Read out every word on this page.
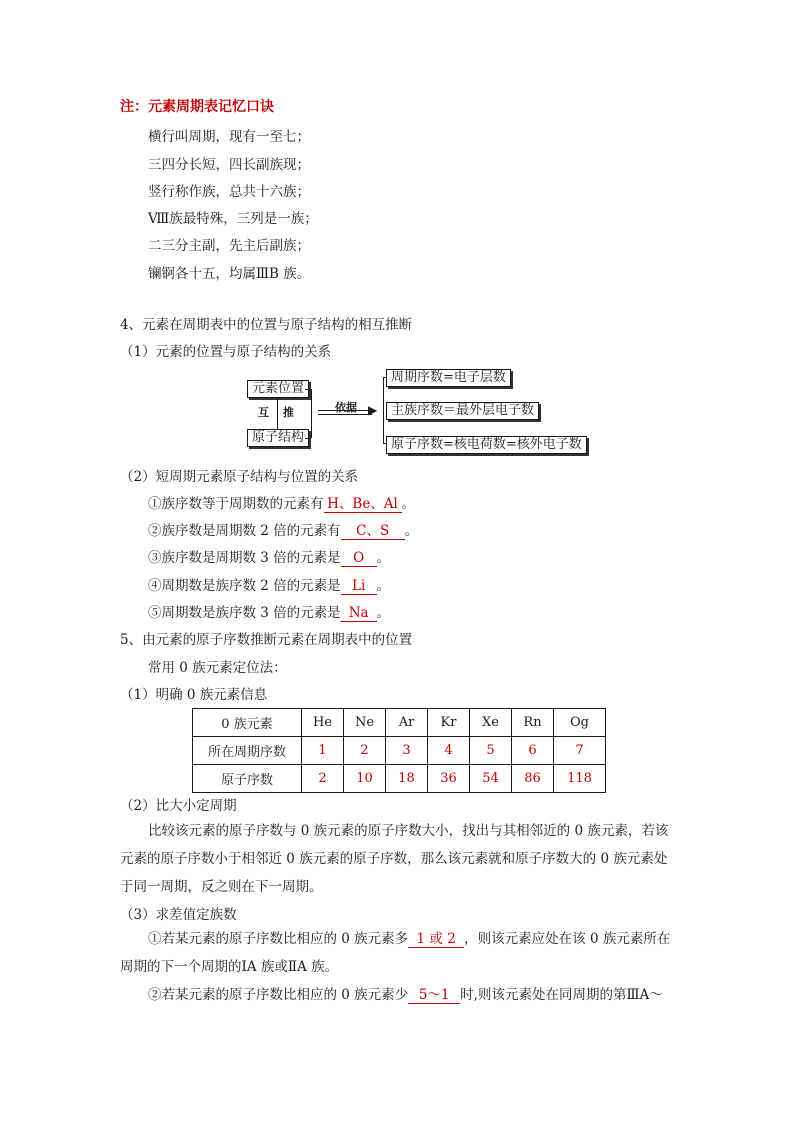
注：元素周期表记忆口诀
横行叫周期，现有一至七；
三四分长短，四长副族现；
竖行称作族，总共十六族；
Ⅷ族最特殊，三列是一族；
二三分主副，先主后副族；
镧锕各十五，均属ⅢB 族。
4、元素在周期表中的位置与原子结构的相互推断
（1）元素的位置与原子结构的关系
元素位置
原子结构
互 推	依据 ▶
周期序数=电子层数
主族序数＝最外层电子数
原子序数=核电荷数=核外电子数
（2）短周期元素原子结构与位置的关系
①族序数等于周期数的元素有 H、Be、Al 。
②族序数是周期数 2 倍的元素有 C、S 。
③族序数是周期数 3 倍的元素是 O 。
④周期数是族序数 2 倍的元素是 Li 。
⑤周期数是族序数 3 倍的元素是 Na 。
5、由元素的原子序数推断元素在周期表中的位置
常用 0 族元素定位法：
（1）明确 0 族元素信息
0 族元素	He	Ne	Ar	Kr	Xe	Rn	Og
所在周期序数	1	2	3	4	5	6	7
原子序数	2	10	18	36	54	86	118
（2）比大小定周期
比较该元素的原子序数与 0 族元素的原子序数大小，找出与其相邻近的 0 族元素，若该元素的原子序数小于相邻近 0 族元素的原子序数，那么该元素就和原子序数大的 0 族元素处于同一周期，反之则在下一周期。
（3）求差值定族数
①若某元素的原子序数比相应的 0 族元素多 1 或 2 ，则该元素应处在该 0 族元素所在周期的下一个周期的ⅠA 族或ⅡA 族。
②若某元素的原子序数比相应的 0 族元素少 5～1 时,则该元素处在同周期的第ⅢA～
